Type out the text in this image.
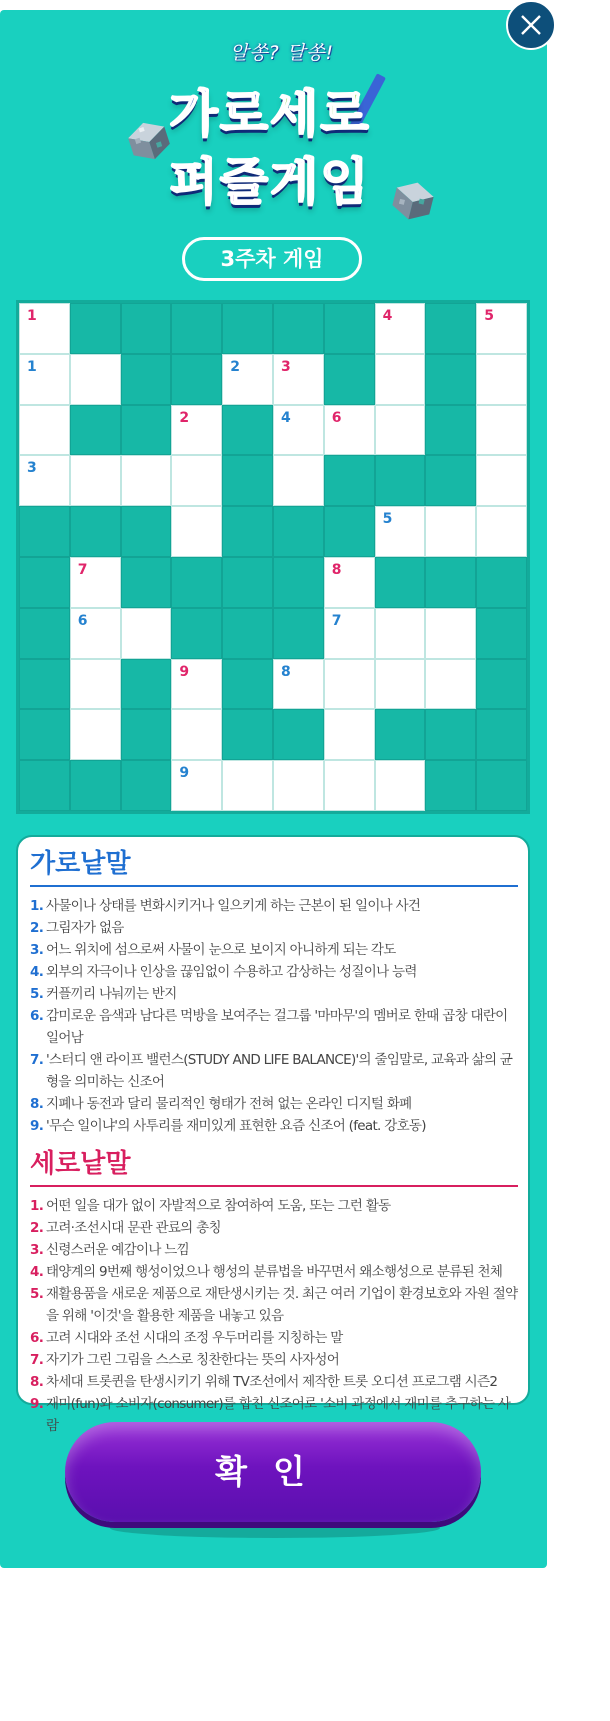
알쏭? 달쏭!
가로세로
퍼즐게임
3주차 게임
1	4	5
1	2	3
2	4	6
3
5
7	8
6	7
9	8
9
가로낱말
1. 사물이나 상태를 변화시키거나 일으키게 하는 근본이 된 일이나 사건
2. 그림자가 없음
3. 어느 위치에 섬으로써 사물이 눈으로 보이지 아니하게 되는 각도
4. 외부의 자극이나 인상을 끊임없이 수용하고 감상하는 성질이나 능력
5. 커플끼리 나눠끼는 반지
6. 감미로운 음색과 남다른 먹방을 보여주는 걸그룹 '마마무'의 멤버로 한때 곱창 대란이 일어남
7. '스터디 앤 라이프 밸런스(STUDY AND LIFE BALANCE)'의 줄임말로, 교육과 삶의 균형을 의미하는 신조어
8. 지폐나 동전과 달리 물리적인 형태가 전혀 없는 온라인 디지털 화폐
9. '무슨 일이냐'의 사투리를 재미있게 표현한 요즘 신조어 (feat. 강호동)
세로낱말
1. 어떤 일을 대가 없이 자발적으로 참여하여 도움, 또는 그런 활동
2. 고려·조선시대 문관 관료의 총칭
3. 신령스러운 예감이나 느낌
4. 태양계의 9번째 행성이었으나 행성의 분류법을 바꾸면서 왜소행성으로 분류된 천체
5. 재활용품을 새로운 제품으로 재탄생시키는 것. 최근 여러 기업이 환경보호와 자원 절약을 위해 '이것'을 활용한 제품을 내놓고 있음
6. 고려 시대와 조선 시대의 조정 우두머리를 지칭하는 말
7. 자기가 그린 그림을 스스로 칭찬한다는 뜻의 사자성어
8. 차세대 트롯퀸을 탄생시키기 위해 TV조선에서 제작한 트롯 오디션 프로그램 시즌2
9. 재미(fun)와 소비자(consumer)를 합친 신조어로 '소비 과정에서 재미를 추구하는 사람
확인
